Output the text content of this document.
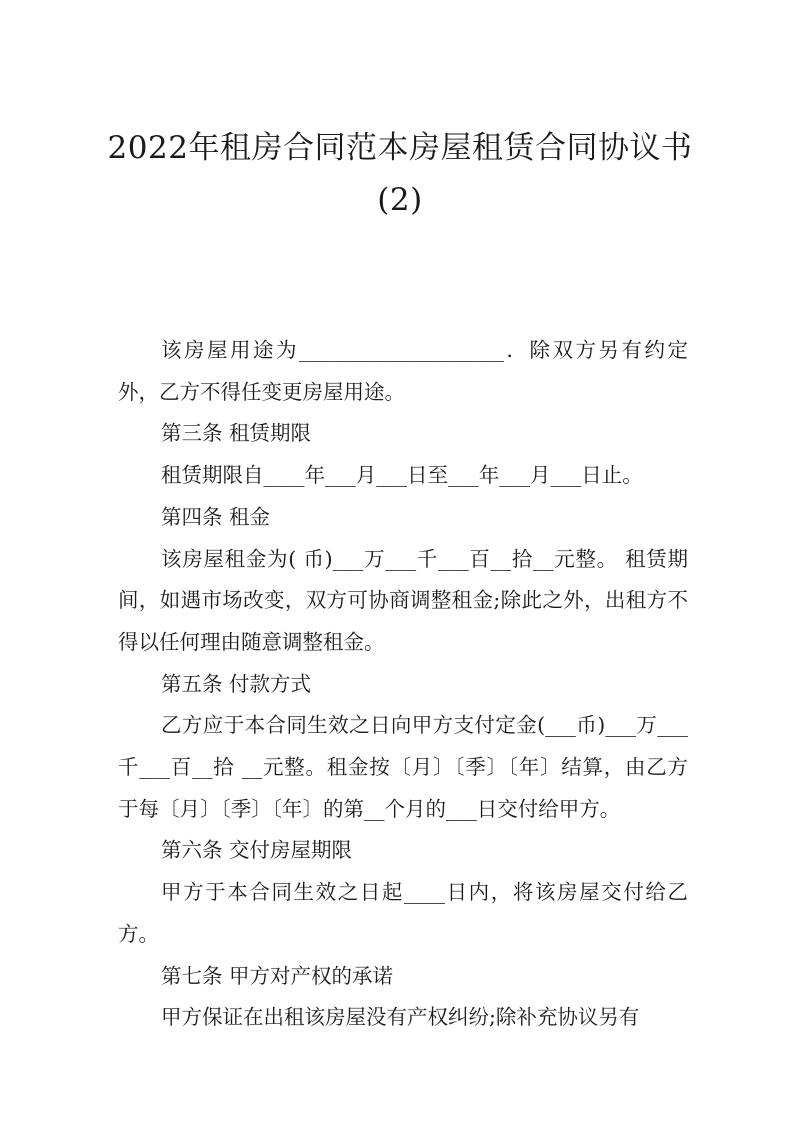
2022年租房合同范本房屋租赁合同协议书
(2)

该房屋用途为____________________．除双方另有约定外，乙方不得任变更房屋用途。

第三条 租赁期限

租赁期限自____年___月___日至___年___月___日止。

第四条 租金

该房屋租金为( 币)___万___千___百__拾__元整。 租赁期间，如遇市场改变，双方可协商调整租金;除此之外，出租方不得以任何理由随意调整租金。

第五条 付款方式

乙方应于本合同生效之日向甲方支付定金(___币)___万___千___百__拾 __元整。租金按〔月〕〔季〕〔年〕结算，由乙方于每〔月〕〔季〕〔年〕的第__个月的___日交付给甲方。

第六条 交付房屋期限

甲方于本合同生效之日起____日内，将该房屋交付给乙方。

第七条 甲方对产权的承诺

甲方保证在出租该房屋没有产权纠纷;除补充协议另有
